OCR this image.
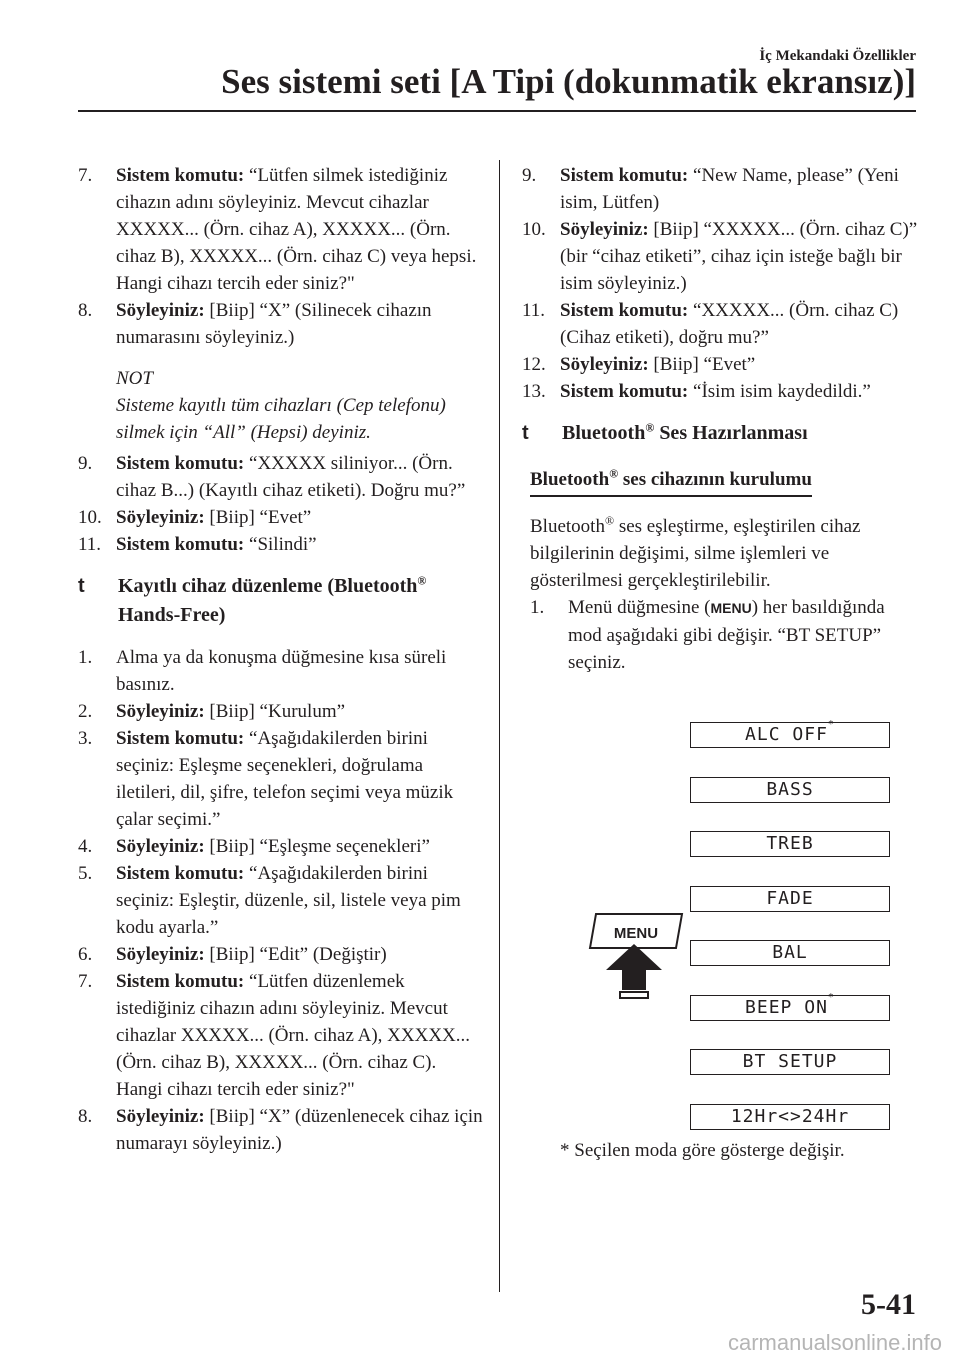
İç Mekandaki Özellikler
Ses sistemi seti [A Tipi (dokunmatik ekransız)]
7.	Sistem komutu: “Lütfen silmek istediğiniz cihazın adını söyleyiniz. Mevcut cihazlar XXXXX... (Örn. cihaz A), XXXXX... (Örn. cihaz B), XXXXX... (Örn. cihaz C) veya hepsi. Hangi cihazı tercih eder siniz?"
8.	Söyleyiniz: [Biip] “X” (Silinecek cihazın numarasını söyleyiniz.)
NOT
Sisteme kayıtlı tüm cihazları (Cep telefonu) silmek için “All” (Hepsi) deyiniz.
9.	Sistem komutu: “XXXXX siliniyor... (Örn. cihaz B...) (Kayıtlı cihaz etiketi). Doğru mu?”
10. Söyleyiniz: [Biip] “Evet”
11. Sistem komutu: “Silindi”
t	Kayıtlı cihaz düzenleme (Bluetooth® Hands-Free)
1.	Alma ya da konuşma düğmesine kısa süreli basınız.
2.	Söyleyiniz: [Biip] “Kurulum”
3.	Sistem komutu: “Aşağıdakilerden birini seçiniz: Eşleşme seçenekleri, doğrulama iletileri, dil, şifre, telefon seçimi veya müzik çalar seçimi.”
4.	Söyleyiniz: [Biip] “Eşleşme seçenekleri”
5.	Sistem komutu: “Aşağıdakilerden birini seçiniz: Eşleştir, düzenle, sil, listele veya pim kodu ayarla.”
6.	Söyleyiniz: [Biip] “Edit” (Değiştir)
7.	Sistem komutu: “Lütfen düzenlemek istediğiniz cihazın adını söyleyiniz. Mevcut cihazlar XXXXX... (Örn. cihaz A), XXXXX... (Örn. cihaz B), XXXXX... (Örn. cihaz C). Hangi cihazı tercih eder siniz?"
8.	Söyleyiniz: [Biip] “X” (düzenlenecek cihaz için numarayı söyleyiniz.)
9.	Sistem komutu: “New Name, please” (Yeni isim, Lütfen)
10. Söyleyiniz: [Biip] “XXXXX... (Örn. cihaz C)” (bir “cihaz etiketi”, cihaz için isteğe bağlı bir isim söyleyiniz.)
11. Sistem komutu: “XXXXX... (Örn. cihaz C) (Cihaz etiketi), doğru mu?”
12. Söyleyiniz: [Biip] “Evet”
13. Sistem komutu: “İsim isim kaydedildi.”
t	Bluetooth® Ses Hazırlanması
Bluetooth® ses cihazının kurulumu
Bluetooth® ses eşleştirme, eşleştirilen cihaz bilgilerinin değişimi, silme işlemleri ve gösterilmesi gerçekleştirilebilir.
1.	Menü düğmesine (MENU) her basıldığında mod aşağıdaki gibi değişir. “BT SETUP” seçiniz.
MENU
ALC OFF*
BASS
TREB
FADE
BAL
BEEP ON*
BT SETUP
12Hr<>24Hr
* Seçilen moda göre gösterge değişir.
5-41
carmanualsonline.info
